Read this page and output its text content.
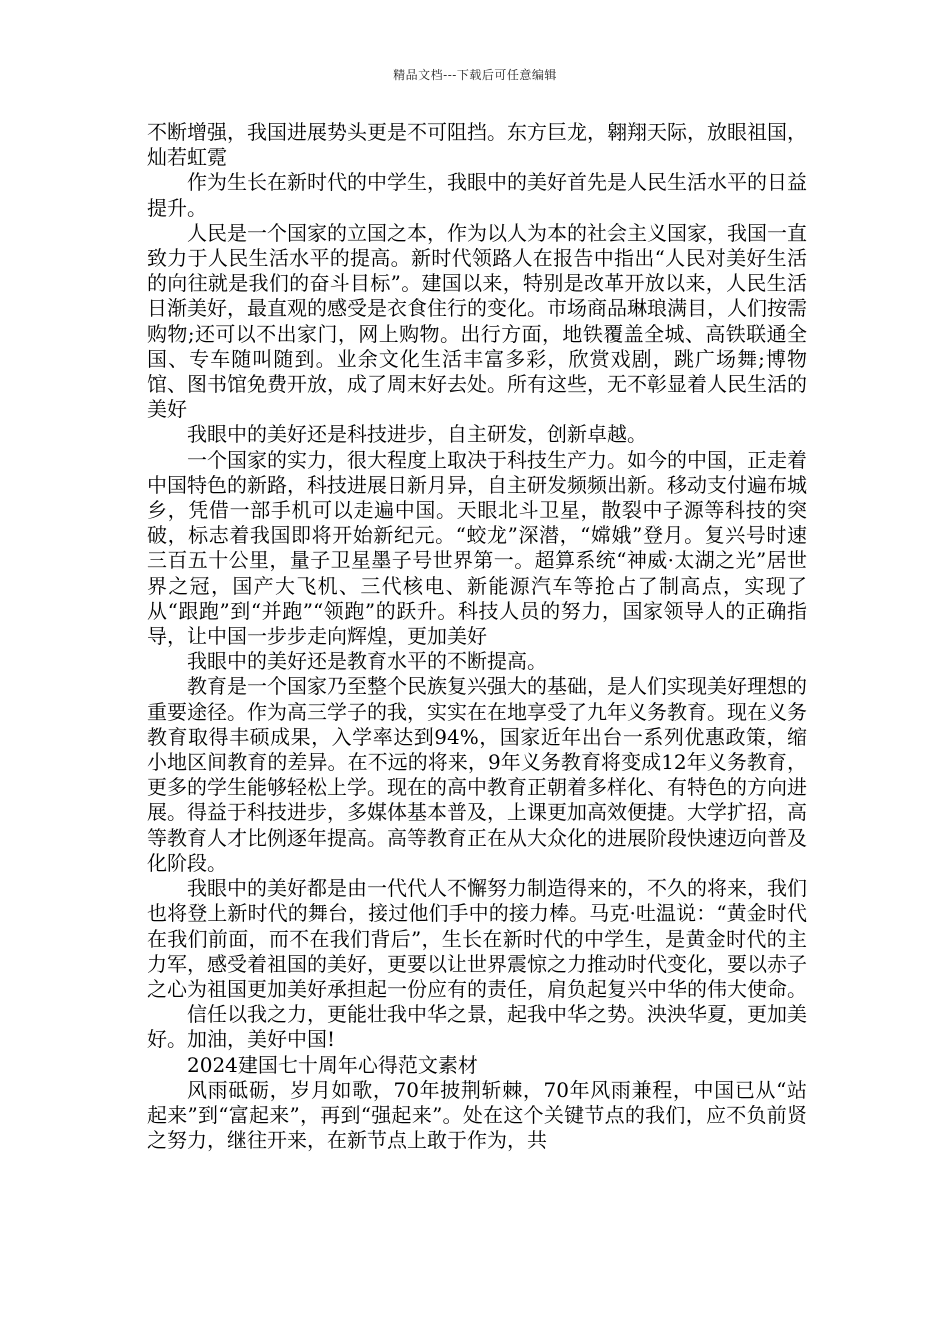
精品文档---下载后可任意编辑

不断增强，我国进展势头更是不可阻挡。东方巨龙，翱翔天际，放眼祖国，灿若虹霓

作为生长在新时代的中学生，我眼中的美好首先是人民生活水平的日益提升。

人民是一个国家的立国之本，作为以人为本的社会主义国家，我国一直致力于人民生活水平的提高。新时代领路人在报告中指出“人民对美好生活的向往就是我们的奋斗目标”。建国以来，特别是改革开放以来，人民生活日渐美好，最直观的感受是衣食住行的变化。市场商品琳琅满目，人们按需购物;还可以不出家门，网上购物。出行方面，地铁覆盖全城、高铁联通全国、专车随叫随到。业余文化生活丰富多彩，欣赏戏剧，跳广场舞;博物馆、图书馆免费开放，成了周末好去处。所有这些，无不彰显着人民生活的美好

我眼中的美好还是科技进步，自主研发，创新卓越。

一个国家的实力，很大程度上取决于科技生产力。如今的中国，正走着中国特色的新路，科技进展日新月异，自主研发频频出新。移动支付遍布城乡，凭借一部手机可以走遍中国。天眼北斗卫星，散裂中子源等科技的突破，标志着我国即将开始新纪元。“蛟龙”深潜，“嫦娥”登月。复兴号时速三百五十公里，量子卫星墨子号世界第一。超算系统“神威·太湖之光”居世界之冠，国产大飞机、三代核电、新能源汽车等抢占了制高点，实现了从“跟跑”到“并跑”“领跑”的跃升。科技人员的努力，国家领导人的正确指导，让中国一步步走向辉煌，更加美好

我眼中的美好还是教育水平的不断提高。

教育是一个国家乃至整个民族复兴强大的基础，是人们实现美好理想的重要途径。作为高三学子的我，实实在在地享受了九年义务教育。现在义务教育取得丰硕成果，入学率达到94%，国家近年出台一系列优惠政策，缩小地区间教育的差异。在不远的将来，9年义务教育将变成12年义务教育，更多的学生能够轻松上学。现在的高中教育正朝着多样化、有特色的方向进展。得益于科技进步，多媒体基本普及，上课更加高效便捷。大学扩招，高等教育人才比例逐年提高。高等教育正在从大众化的进展阶段快速迈向普及化阶段。

我眼中的美好都是由一代代人不懈努力制造得来的，不久的将来，我们也将登上新时代的舞台，接过他们手中的接力棒。马克·吐温说：“黄金时代在我们前面，而不在我们背后”，生长在新时代的中学生，是黄金时代的主力军，感受着祖国的美好，更要以让世界震惊之力推动时代变化，要以赤子之心为祖国更加美好承担起一份应有的责任，肩负起复兴中华的伟大使命。

信任以我之力，更能壮我中华之景，起我中华之势。泱泱华夏，更加美好。加油，美好中国!

2024建国七十周年心得范文素材

风雨砥砺，岁月如歌，70年披荆斩棘，70年风雨兼程，中国已从“站起来”到“富起来”，再到“强起来”。处在这个关键节点的我们，应不负前贤之努力，继往开来，在新节点上敢于作为，共
